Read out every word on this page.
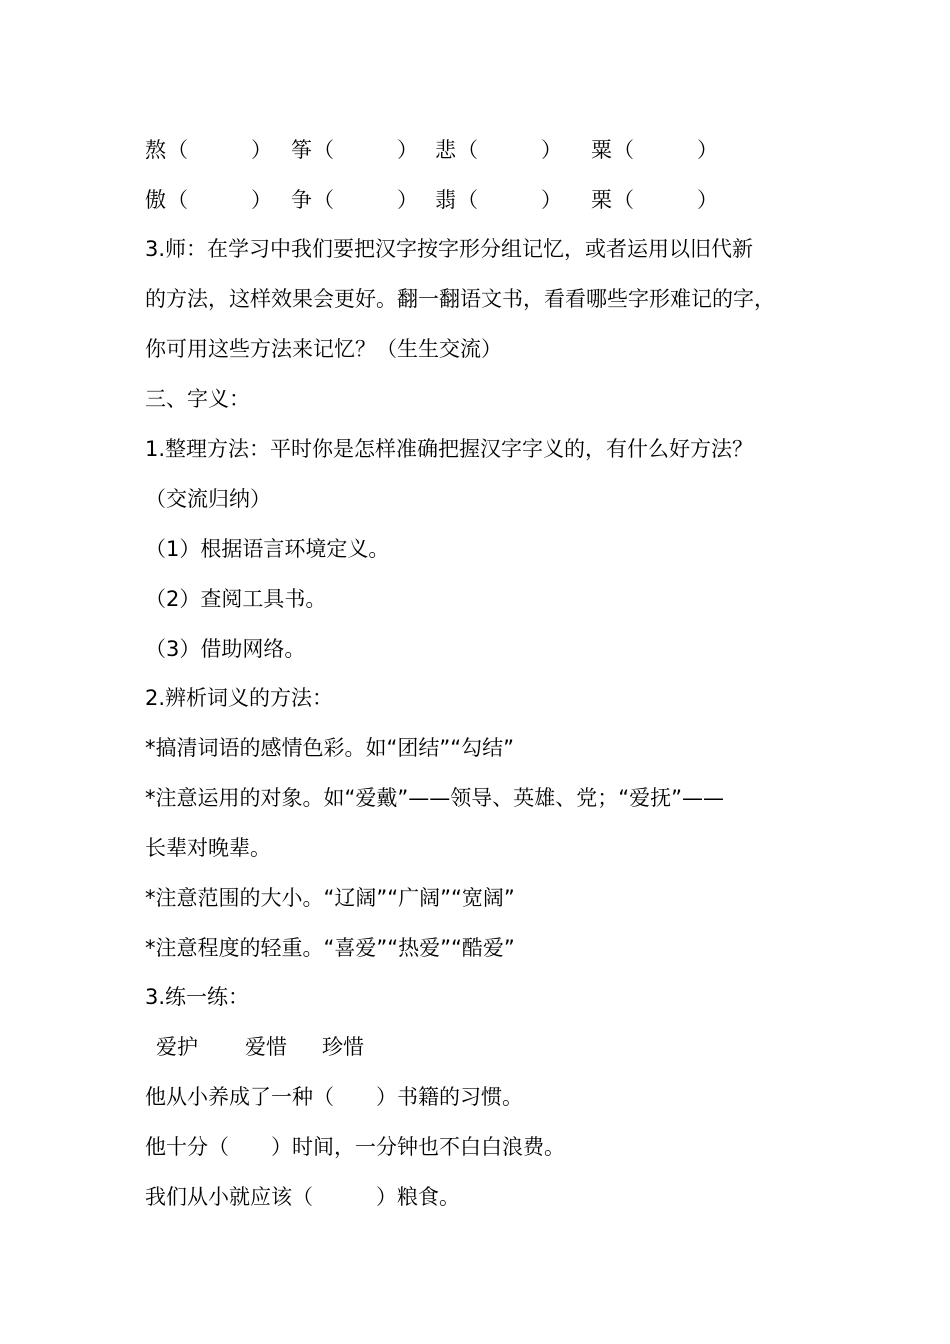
熬 （　　　） 筝 （　　　） 悲 （　　　） 粟 （　　　）
傲 （　　　） 争 （　　　） 翡 （　　　） 栗 （　　　）
3.师：在学习中我们要把汉字按字形分组记忆，或者运用以旧代新
的方法，这样效果会更好。翻一翻语文书，看看哪些字形难记的字，
你可用这些方法来记忆？（生生交流）
三、字义：
1.整理方法：平时你是怎样准确把握汉字字义的，有什么好方法？
（交流归纳）
（1）根据语言环境定义。
（2）查阅工具书。
（3）借助网络。
2.辨析词义的方法：
*搞清词语的感情色彩。如“团结”“勾结”
*注意运用的对象。如“爱戴”——领导、英雄、党；“爱抚”——
长辈对晚辈。
*注意范围的大小。“辽阔”“广阔”“宽阔”
*注意程度的轻重。“喜爱”“热爱”“酷爱”
3.练一练：
爱护 爱惜 珍惜
他从小养成了一种（　　）书籍的习惯。
他十分（　　）时间，一分钟也不白白浪费。
我们从小就应该（　　　）粮食。
